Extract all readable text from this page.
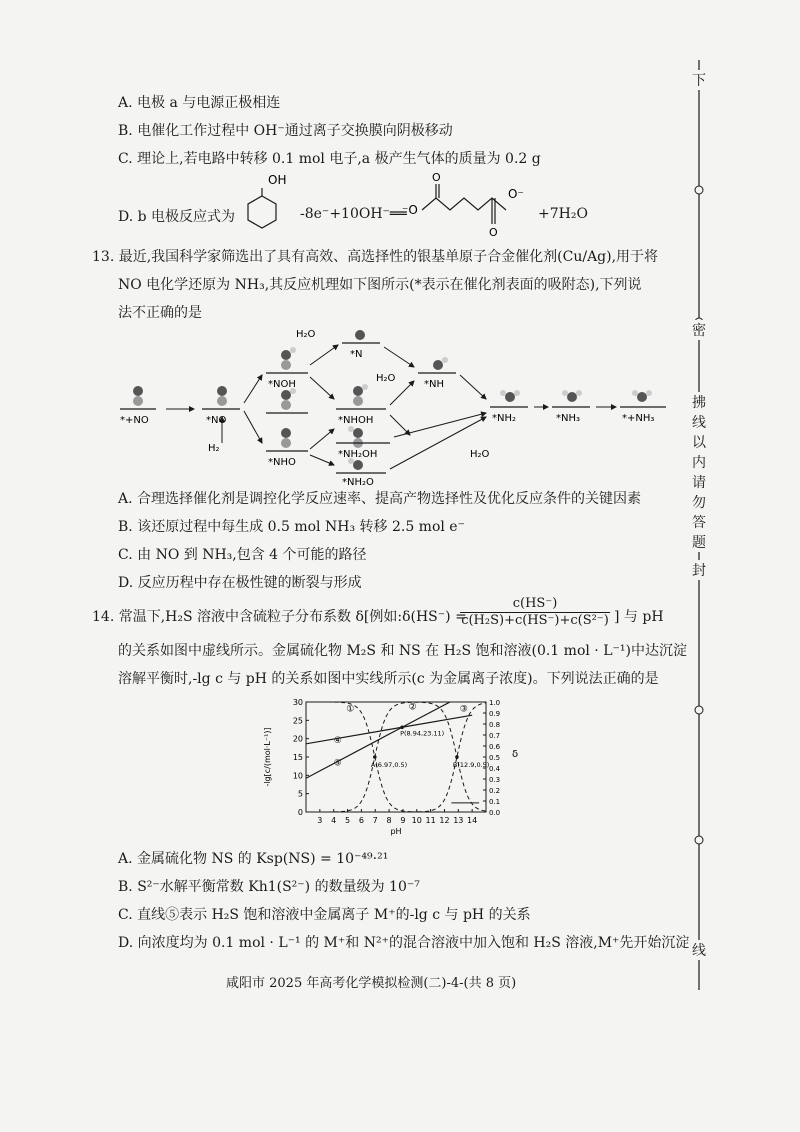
A. 电极 a 与电源正极相连
B. 电催化工作过程中 OH⁻通过离子交换膜向阴极移动
C. 理论上,若电路中转移 0.1 mol 电子,a 极产生气体的质量为 0.2 g
D. b 电极反应式为
OH
-8e⁻+10OH⁻══
⁻O
O
O
O⁻
+7H₂O
13. 最近,我国科学家筛选出了具有高效、高选择性的银基单原子合金催化剂(Cu/Ag),用于将
NO 电化学还原为 NH₃,其反应机理如下图所示(*表示在催化剂表面的吸附态),下列说
法不正确的是
*+NO	*NO
H₂
*NOH
*N
H₂O
*NH
H₂O
*NHOH
*NHO
*NH₂OH
*NH₂O
*NH₂	*NH₃	*+NH₃
H₂O
A. 合理选择催化剂是调控化学反应速率、提高产物选择性及优化反应条件的关键因素
B. 该还原过程中每生成 0.5 mol NH₃ 转移 2.5 mol e⁻
C. 由 NO 到 NH₃,包含 4 个可能的路径
D. 反应历程中存在极性键的断裂与形成
14. 常温下,H₂S 溶液中含硫粒子分布系数 δ[例如:δ(HS⁻) =
c(HS⁻)
c(H₂S)+c(HS⁻)+c(S²⁻) ] 与 pH
的关系如图中虚线所示。金属硫化物 M₂S 和 NS 在 H₂S 饱和溶液(0.1 mol · L⁻¹)中达沉淀
溶解平衡时,-lg c 与 pH 的关系如图中实线所示(c 为金属离子浓度)。下列说法正确的是
3 4 5 6 7 8 9 10 11 12 13 14
0
5
10
15
20
25
30
0.0
0.1
0.2
0.3
0.4
0.5
0.6
0.7
0.8
0.9
1.0
pH
-lg[c/(mol·L⁻¹)]	δ
①	②	③
④
⑤
P(8.94,23.11)
A(6.97,0.5)	B(12.9,0.5)
A. 金属硫化物 NS 的 Ksp(NS) = 10⁻⁴⁹·²¹
B. S²⁻水解平衡常数 Kh1(S²⁻) 的数量级为 10⁻⁷
C. 直线⑤表示 H₂S 饱和溶液中金属离子 M⁺的-lg c 与 pH 的关系
D. 向浓度均为 0.1 mol · L⁻¹ 的 M⁺和 N²⁺的混合溶液中加入饱和 H₂S 溶液,M⁺先开始沉淀
咸阳市 2025 年高考化学模拟检测(二)-4-(共 8 页)
下
密
拂
线
以
内
请
勿
答
题
封
线
